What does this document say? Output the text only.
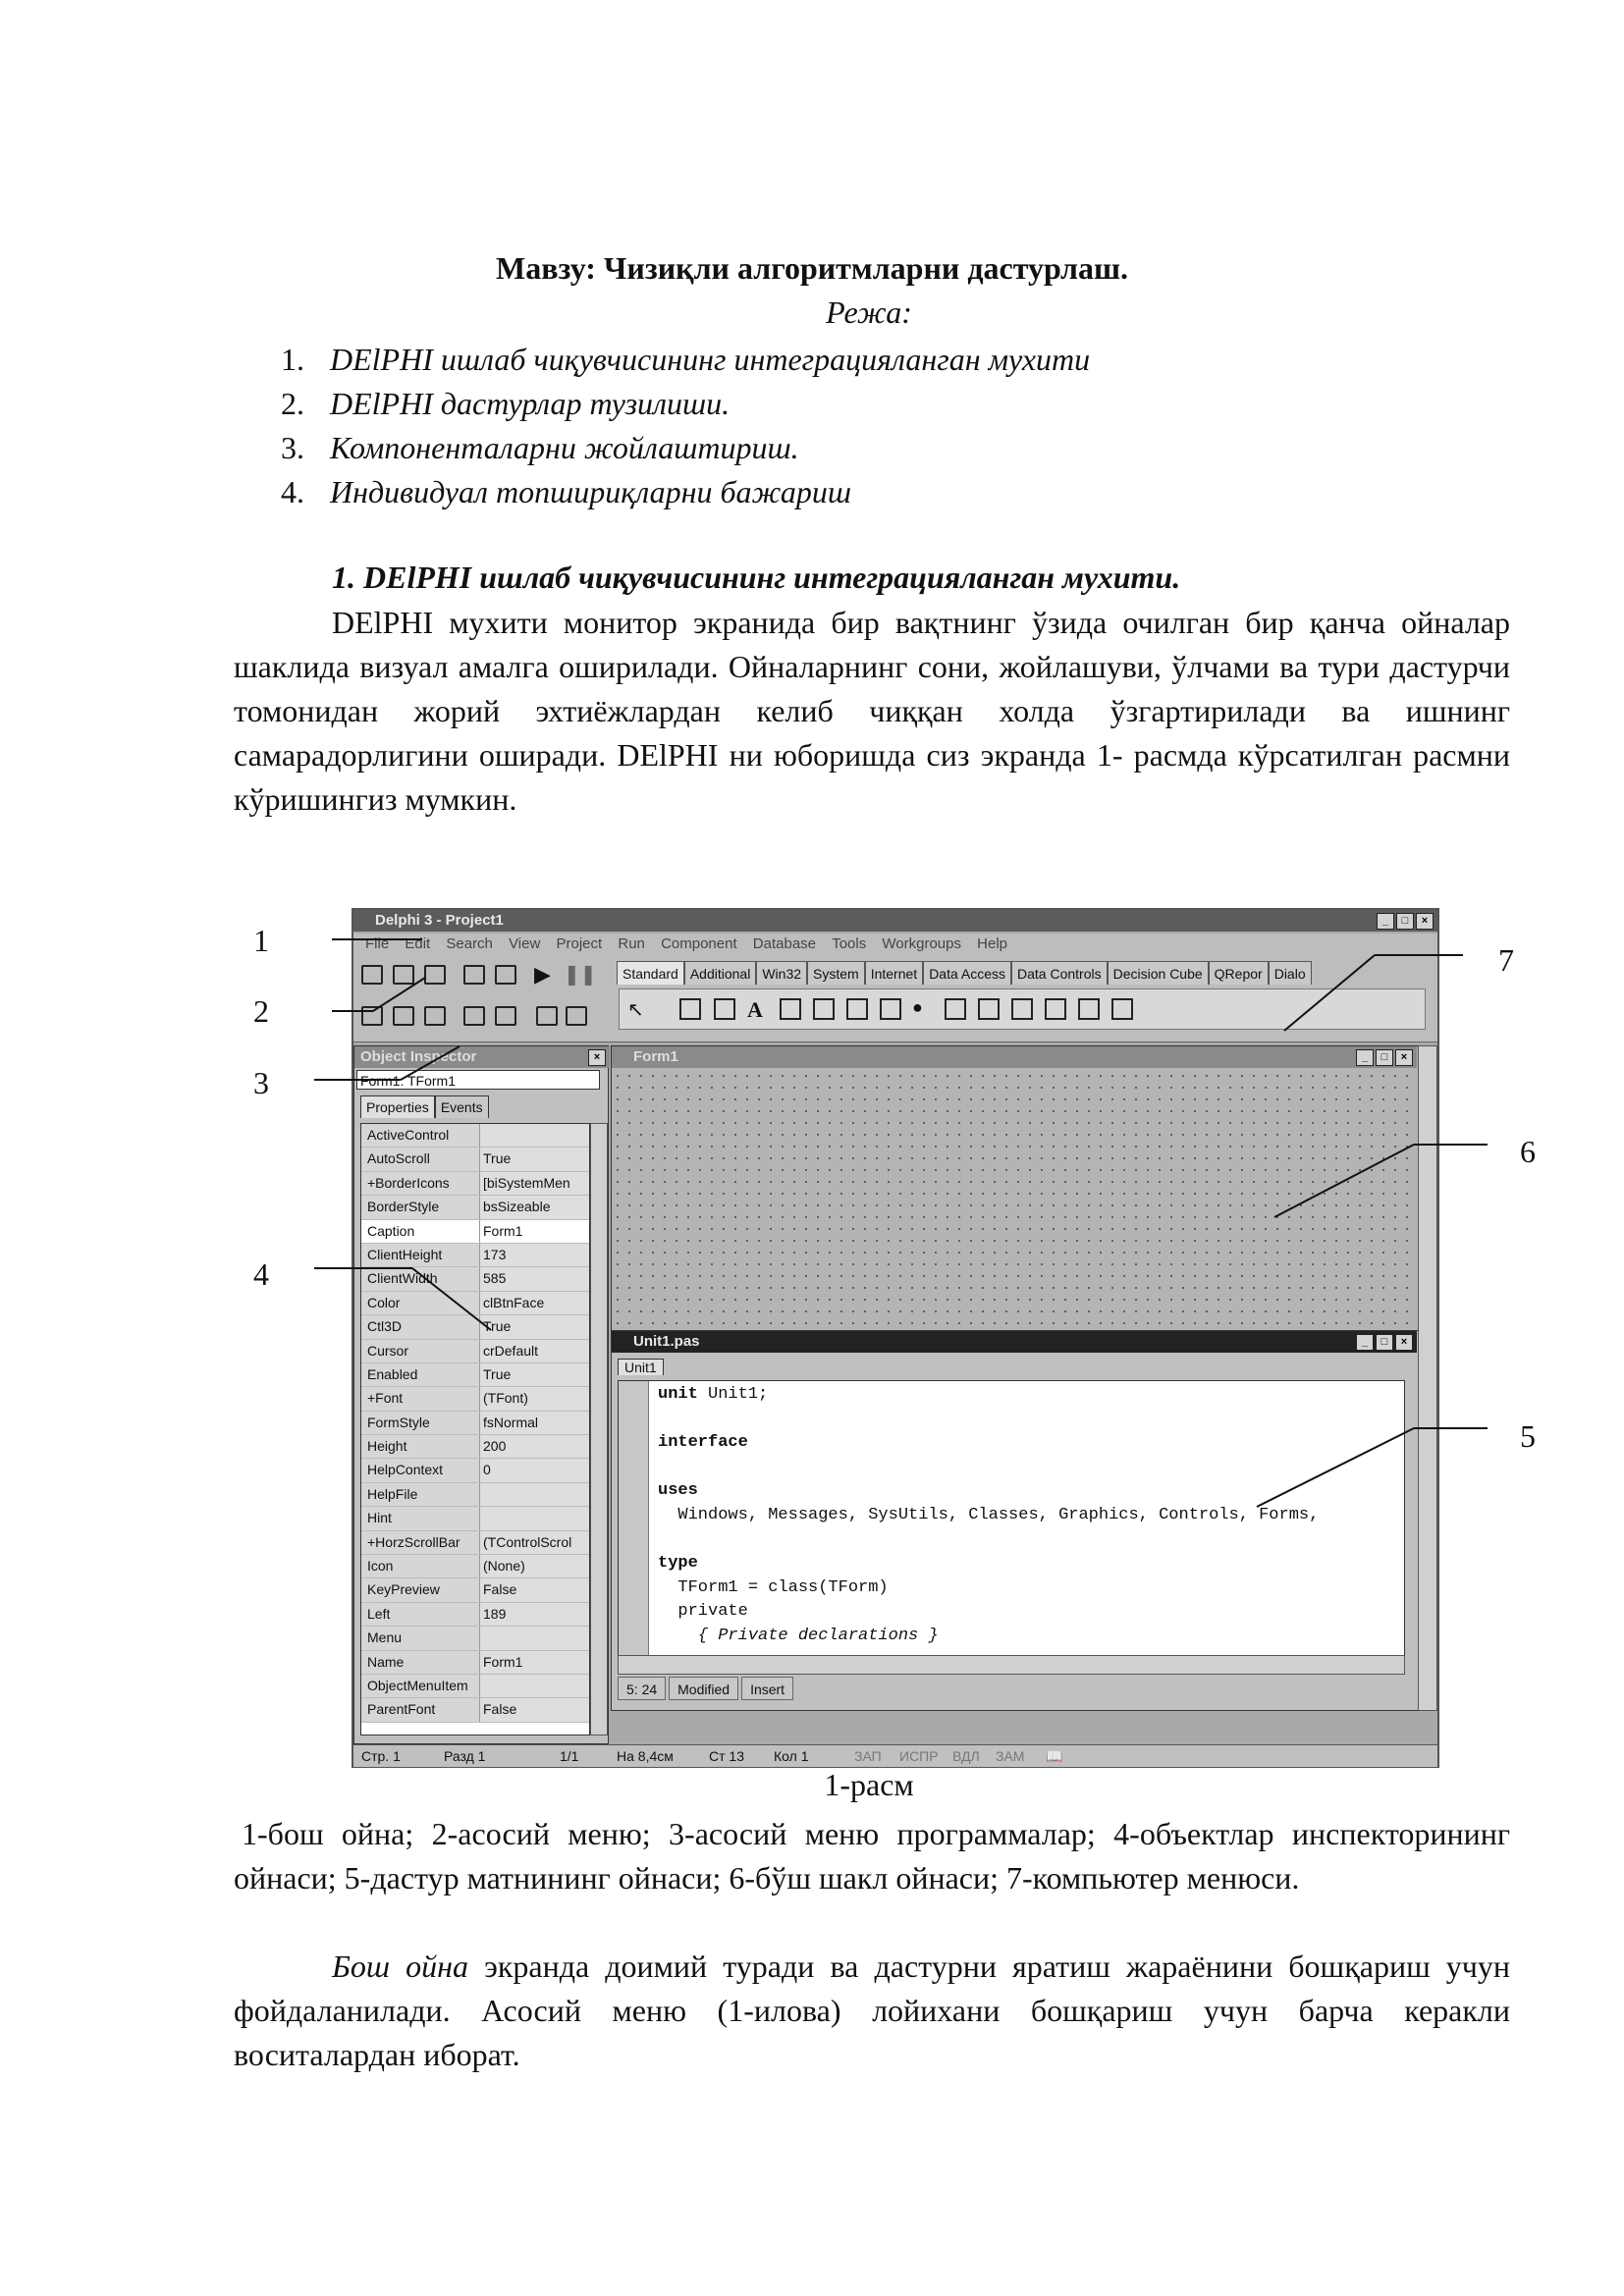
Мавзу: Чизиқли алгоритмларни дастурлаш.
Режа:
1. DElPHI ишлаб чиқувчисининг интеграцияланган мухити
2. DElPHI дастурлар тузилиши.
3. Компоненталарни жойлаштириш.
4. Индивидуал топшириқларни бажариш
1. DElPHI ишлаб чиқувчисининг интеграцияланган мухити.

DElPHI мухити монитор экранида бир вақтнинг ўзида очилган бир қанча ойналар шаклида визуал амалга оширилади. Ойналарнинг сони, жойлашуви, ўлчами ва тури дастурчи томонидан жорий эхтиёжлардан келиб чиққан холда ўзгартирилади ва ишнинг самарадорлигини оширади. DElPHI ни юборишда сиз экранда 1- расмда кўрсатилган расмни кўришингиз мумкин.

Delphi 3 - Project1	_	□	×
File Edit Search View Project Run Component Database Tools Workgroups Help
▶ ❚❚	Standard Additional Win32 System Internet Data Access Data Controls Decision Cube QRepor Dialo
↖	A	●
Object Inspector	×
Form1: TForm1
Properties Events
ActiveControl
AutoScroll	True
+BorderIcons	[biSystemMen
BorderStyle	bsSizeable
Caption	Form1
ClientHeight	173
ClientWidth	585
Color	clBtnFace
Ctl3D	True
Cursor	crDefault
Enabled	True
+Font	(TFont)
FormStyle	fsNormal
Height	200
HelpContext	0
HelpFile
Hint
+HorzScrollBar	(TControlScrol
Icon	(None)
KeyPreview	False
Left	189
Menu
Name	Form1
ObjectMenuItem
ParentFont	False
Form1	_	□	×
Unit1.pas	_	□	×
Unit1
unit Unit1;
interface
uses
Windows, Messages, SysUtils, Classes, Graphics, Controls, Forms,
type
TForm1 = class(TForm)
private
{ Private declarations }
5: 24	Modified	Insert
Стр. 1	Разд 1	1/1	На 8,4см	Ст 13 Кол 1	ЗАП ИСПР ВДЛ ЗАМ 📖
1
2
3
4
5
6
7
1-расм

1-бош ойна; 2-асосий меню; 3-асосий меню программалар; 4-объектлар инспекторининг ойнаси; 5-дастур матнининг ойнаси; 6-бўш шакл ойнаси; 7-компьютер менюси.

Бош ойна экранда доимий туради ва дастурни яратиш жараёнини бошқариш учун фойдаланилади. Асосий меню (1-илова) лойихани бошқариш учун барча керакли воситалардан иборат.
